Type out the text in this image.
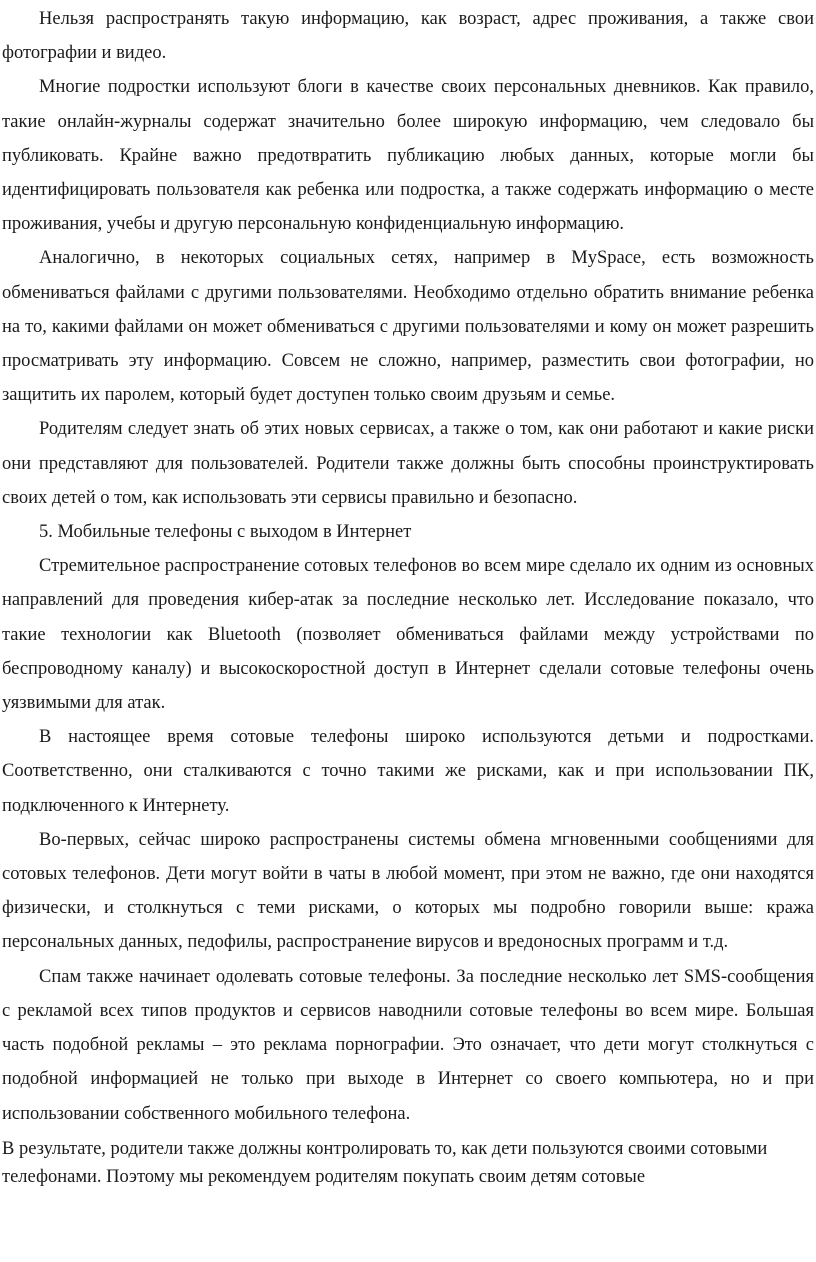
Нельзя распространять такую информацию, как возраст, адрес проживания, а также свои фотографии и видео.

Многие подростки используют блоги в качестве своих персональных дневников. Как правило, такие онлайн-журналы содержат значительно более широкую информацию, чем следовало бы публиковать. Крайне важно предотвратить публикацию любых данных, которые могли бы идентифицировать пользователя как ребенка или подростка, а также содержать информацию о месте проживания, учебы и другую персональную конфиденциальную информацию.

Аналогично, в некоторых социальных сетях, например в MySpace, есть возможность обмениваться файлами с другими пользователями. Необходимо отдельно обратить внимание ребенка на то, какими файлами он может обмениваться с другими пользователями и кому он может разрешить просматривать эту информацию. Совсем не сложно, например, разместить свои фотографии, но защитить их паролем, который будет доступен только своим друзьям и семье.

Родителям следует знать об этих новых сервисах, а также о том, как они работают и какие риски они представляют для пользователей. Родители также должны быть способны проинструктировать своих детей о том, как использовать эти сервисы правильно и безопасно.

5. Мобильные телефоны с выходом в Интернет

Стремительное распространение сотовых телефонов во всем мире сделало их одним из основных направлений для проведения кибер-атак за последние несколько лет. Исследование показало, что такие технологии как Bluetooth (позволяет обмениваться файлами между устройствами по беспроводному каналу) и высокоскоростной доступ в Интернет сделали сотовые телефоны очень уязвимыми для атак.

В настоящее время сотовые телефоны широко используются детьми и подростками. Соответственно, они сталкиваются с точно такими же рисками, как и при использовании ПК, подключенного к Интернету.

Во-первых, сейчас широко распространены системы обмена мгновенными сообщениями для сотовых телефонов. Дети могут войти в чаты в любой момент, при этом не важно, где они находятся физически, и столкнуться с теми рисками, о которых мы подробно говорили выше: кража персональных данных, педофилы, распространение вирусов и вредоносных программ и т.д.

Спам также начинает одолевать сотовые телефоны. За последние несколько лет SMS-сообщения с рекламой всех типов продуктов и сервисов наводнили сотовые телефоны во всем мире. Большая часть подобной рекламы – это реклама порнографии. Это означает, что дети могут столкнуться с подобной информацией не только при выходе в Интернет со своего компьютера, но и при использовании собственного мобильного телефона.

В результате, родители также должны контролировать то, как дети пользуются своими сотовыми телефонами. Поэтому мы рекомендуем родителям покупать своим детям сотовые
